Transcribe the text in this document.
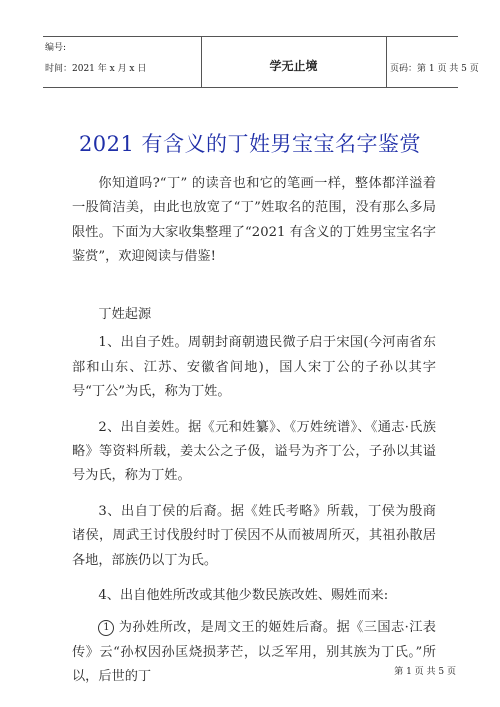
编号:
时间：2021 年 x 月 x 日	学无止境	页码：第 1 页 共 5 页
2021 有含义的丁姓男宝宝名字鉴赏

你知道吗?“丁” 的读音也和它的笔画一样，整体都洋溢着一股简洁美，由此也放宽了“丁”姓取名的范围，没有那么多局限性。下面为大家收集整理了“2021 有含义的丁姓男宝宝名字鉴赏”，欢迎阅读与借鉴!

丁姓起源

1、出自子姓。周朝封商朝遗民微子启于宋国(今河南省东部和山东、江苏、安徽省间地)，国人宋丁公的子孙以其字号“丁公”为氏，称为丁姓。

2、出自姜姓。据《元和姓纂》、《万姓统谱》、《通志·氏族略》等资料所载，姜太公之子伋，谥号为齐丁公，子孙以其谥号为氏，称为丁姓。

3、出自丁侯的后裔。据《姓氏考略》所载，丁侯为殷商诸侯，周武王讨伐殷纣时丁侯因不从而被周所灭，其祖孙散居各地，部族仍以丁为氏。

4、出自他姓所改或其他少数民族改姓、赐姓而来:

1 为孙姓所改，是周文王的姬姓后裔。据《三国志·江表传》云“孙权因孙匡烧损茅芒，以乏军用，别其族为丁氏。”所以，后世的丁	第 1 页 共 5 页
